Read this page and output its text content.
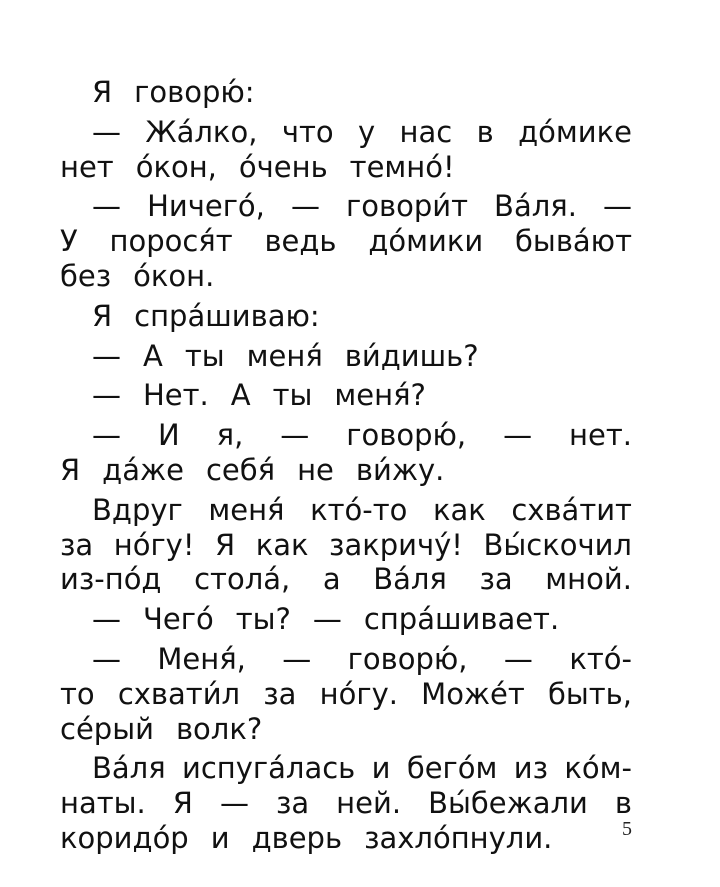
Я говорю́:
— Жа́лко, что у нас в до́мике
нет о́кон, о́чень темно́!
— Ничего́, — говори́т Ва́ля. —
У порося́т ведь до́мики быва́ют
без о́кон.
Я спра́шиваю:
— А ты меня́ ви́дишь?
— Нет. А ты меня́?
— И я, — говорю́, — нет.
Я да́же себя́ не ви́жу.
Вдруг меня́ кто́-то как схва́тит
за но́гу! Я как закричу́! Вы́скочил
из-по́д стола́, а Ва́ля за мной.
— Чего́ ты? — спра́шивает.
— Меня́, — говорю́, — кто́-
то схвати́л за но́гу. Може́т быть,
се́рый волк?
Ва́ля испуга́лась и бего́м из ко́м-
наты. Я — за ней. Вы́бежали в
коридо́р и дверь захло́пнули.	5
